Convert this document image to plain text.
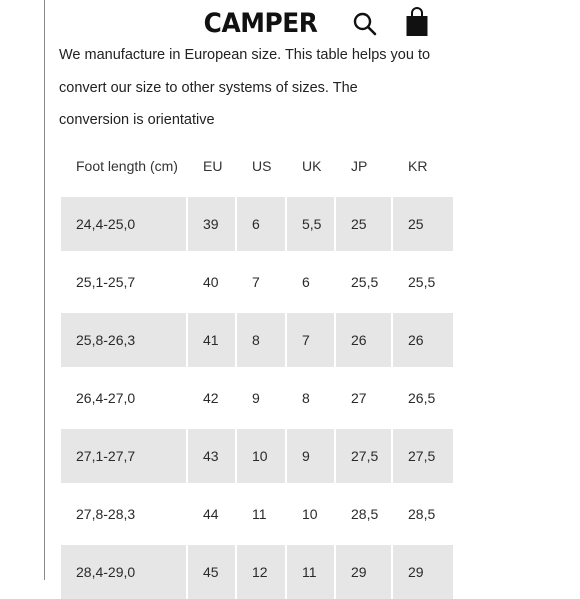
CAMPER
We manufacture in European size. This table helps you to convert our size to other systems of sizes. The conversion is orientative
Foot length (cm)	EU	US	UK	JP	KR
24,4-25,0	39	6	5,5	25	25
25,1-25,7	40	7	6	25,5	25,5
25,8-26,3	41	8	7	26	26
26,4-27,0	42	9	8	27	26,5
27,1-27,7	43	10	9	27,5	27,5
27,8-28,3	44	11	10	28,5	28,5
28,4-29,0	45	12	11	29	29
